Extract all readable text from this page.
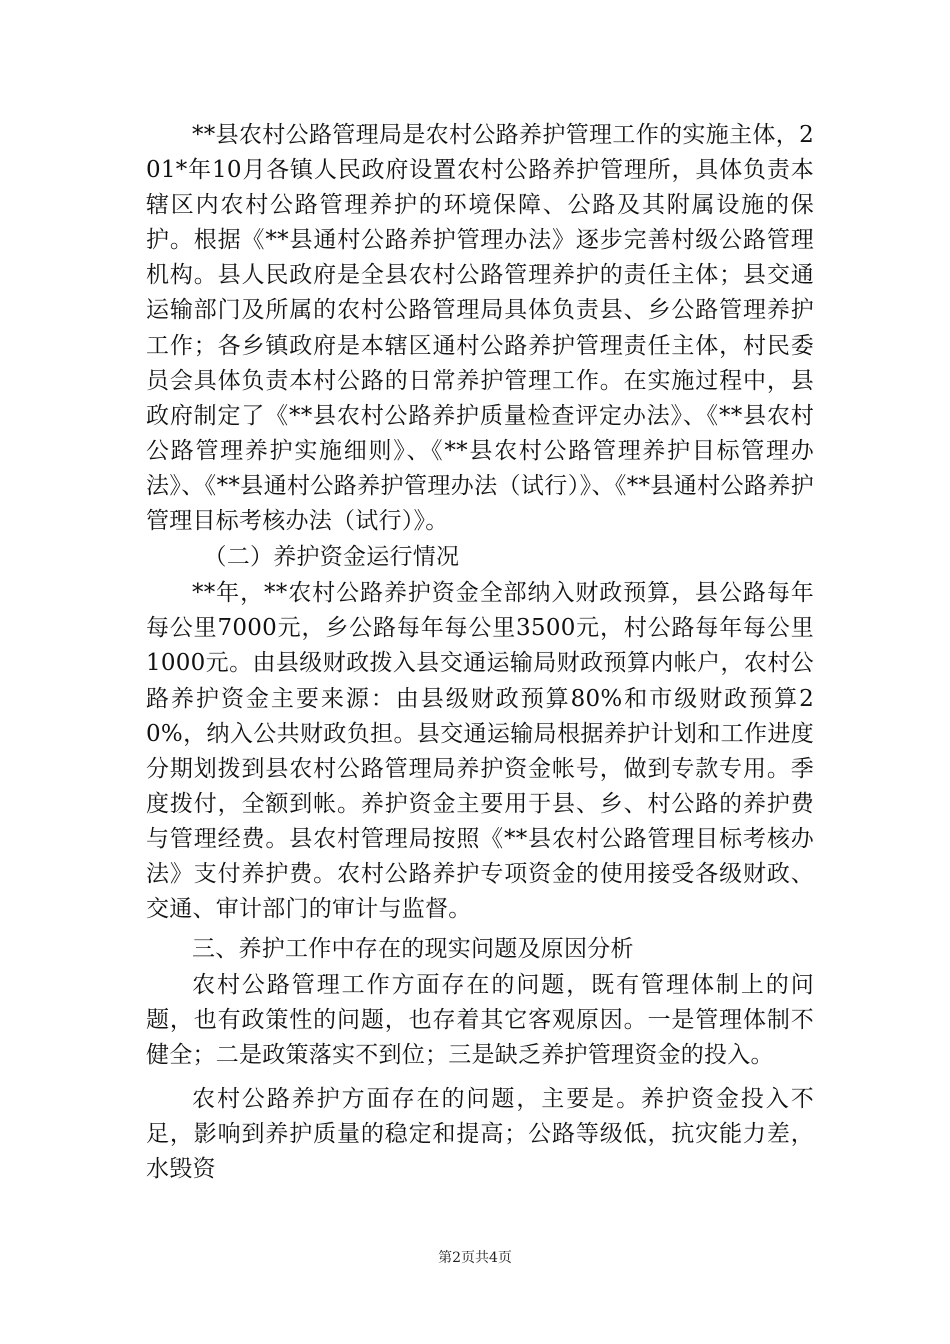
**县农村公路管理局是农村公路养护管理工作的实施主体，201*年10月各镇人民政府设置农村公路养护管理所，具体负责本辖区内农村公路管理养护的环境保障、公路及其附属设施的保护。根据《**县通村公路养护管理办法》逐步完善村级公路管理机构。县人民政府是全县农村公路管理养护的责任主体；县交通运输部门及所属的农村公路管理局具体负责县、乡公路管理养护工作；各乡镇政府是本辖区通村公路养护管理责任主体，村民委员会具体负责本村公路的日常养护管理工作。在实施过程中，县政府制定了《**县农村公路养护质量检查评定办法》、《**县农村公路管理养护实施细则》、《**县农村公路管理养护目标管理办法》、《**县通村公路养护管理办法（试行）》、《**县通村公路养护管理目标考核办法（试行）》。

（二）养护资金运行情况

**年，**农村公路养护资金全部纳入财政预算，县公路每年每公里7000元，乡公路每年每公里3500元，村公路每年每公里1000元。由县级财政拨入县交通运输局财政预算内帐户，农村公路养护资金主要来源：由县级财政预算80%和市级财政预算20%，纳入公共财政负担。县交通运输局根据养护计划和工作进度分期划拨到县农村公路管理局养护资金帐号，做到专款专用。季度拨付，全额到帐。养护资金主要用于县、乡、村公路的养护费与管理经费。县农村管理局按照《**县农村公路管理目标考核办法》支付养护费。农村公路养护专项资金的使用接受各级财政、交通、审计部门的审计与监督。

三、养护工作中存在的现实问题及原因分析

农村公路管理工作方面存在的问题，既有管理体制上的问题，也有政策性的问题，也存着其它客观原因。一是管理体制不健全；二是政策落实不到位；三是缺乏养护管理资金的投入。

农村公路养护方面存在的问题，主要是。养护资金投入不足，影响到养护质量的稳定和提高；公路等级低，抗灾能力差，水毁资

第2页共4页
